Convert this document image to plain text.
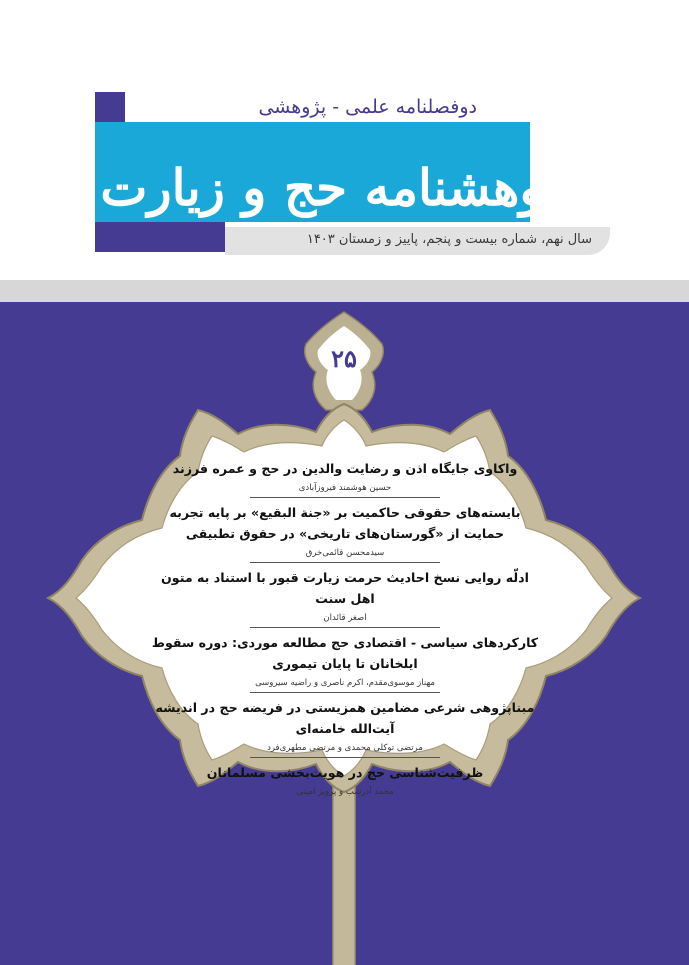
پژوهشنامه حج و زیارت
دوفصلنامه علمی - پژوهشی
سال نهم، شماره بیست و پنجم، پاییز و زمستان ۱۴۰۳
۲۵
واکاوی جایگاه اذن و رضایت والدین در حج و عمره فرزند
حسین هوشمند فیروزآبادی
بایسته‌های حقوقی حاکمیت بر «جنة البقیع» بر پایه تجربه حمایت از «گورستان‌های تاریخی» در حقوق تطبیقی
سیدمحسن قائمی‌خرق
ادلّه روایی نسخ احادیث حرمت زیارت قبور با استناد به متون اهل سنت
اصغر قائدان
کارکردهای سیاسی - اقتصادی حج مطالعه موردی: دوره سقوط ایلخانان تا پایان تیموری
مهناز موسوی‌مقدم، اکرم ناصری و راضیه سیروسی
مبناپژوهی شرعی مضامین همزیستی در فریضه حج در اندیشه آیت‌الله خامنه‌ای
مرتضی توکلی محمدی و مرتضی مطهری‌فرد
ظرفیت‌شناسی حج در هویت‌بخشی مسلمانان
محمد آذرشب و پرویز امینی
